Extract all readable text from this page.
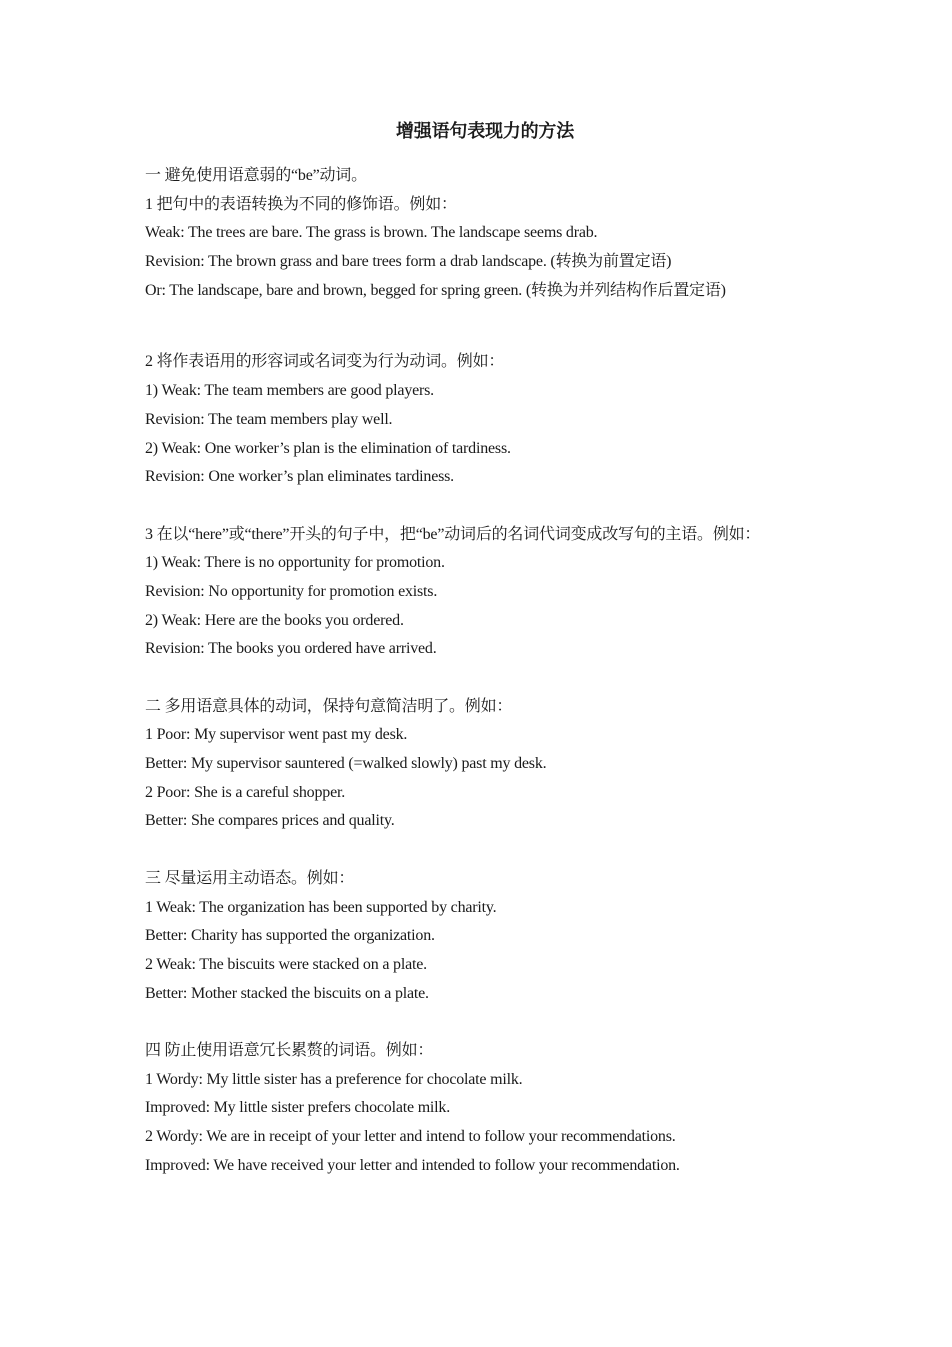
增强语句表现力的方法
一 避免使用语意弱的“be”动词。
1 把句中的表语转换为不同的修饰语。例如：
Weak: The trees are bare. The grass is brown. The landscape seems drab.
Revision: The brown grass and bare trees form a drab landscape. (转换为前置定语)
Or: The landscape, bare and brown, begged for spring green. (转换为并列结构作后置定语)
2 将作表语用的形容词或名词变为行为动词。例如：
1) Weak: The team members are good players.
Revision: The team members play well.
2) Weak: One worker’s plan is the elimination of tardiness.
Revision: One worker’s plan eliminates tardiness.
3 在以“here”或“there”开头的句子中，把“be”动词后的名词代词变成改写句的主语。例如：
1) Weak: There is no opportunity for promotion.
Revision: No opportunity for promotion exists.
2) Weak: Here are the books you ordered.
Revision: The books you ordered have arrived.
二 多用语意具体的动词，保持句意简洁明了。例如：
1 Poor: My supervisor went past my desk.
Better: My supervisor sauntered (=walked slowly) past my desk.
2 Poor: She is a careful shopper.
Better: She compares prices and quality.
三 尽量运用主动语态。例如：
1 Weak: The organization has been supported by charity.
Better: Charity has supported the organization.
2 Weak: The biscuits were stacked on a plate.
Better: Mother stacked the biscuits on a plate.
四 防止使用语意冗长累赘的词语。例如：
1 Wordy: My little sister has a preference for chocolate milk.
Improved: My little sister prefers chocolate milk.
2 Wordy: We are in receipt of your letter and intend to follow your recommendations.
Improved: We have received your letter and intended to follow your recommendation.
